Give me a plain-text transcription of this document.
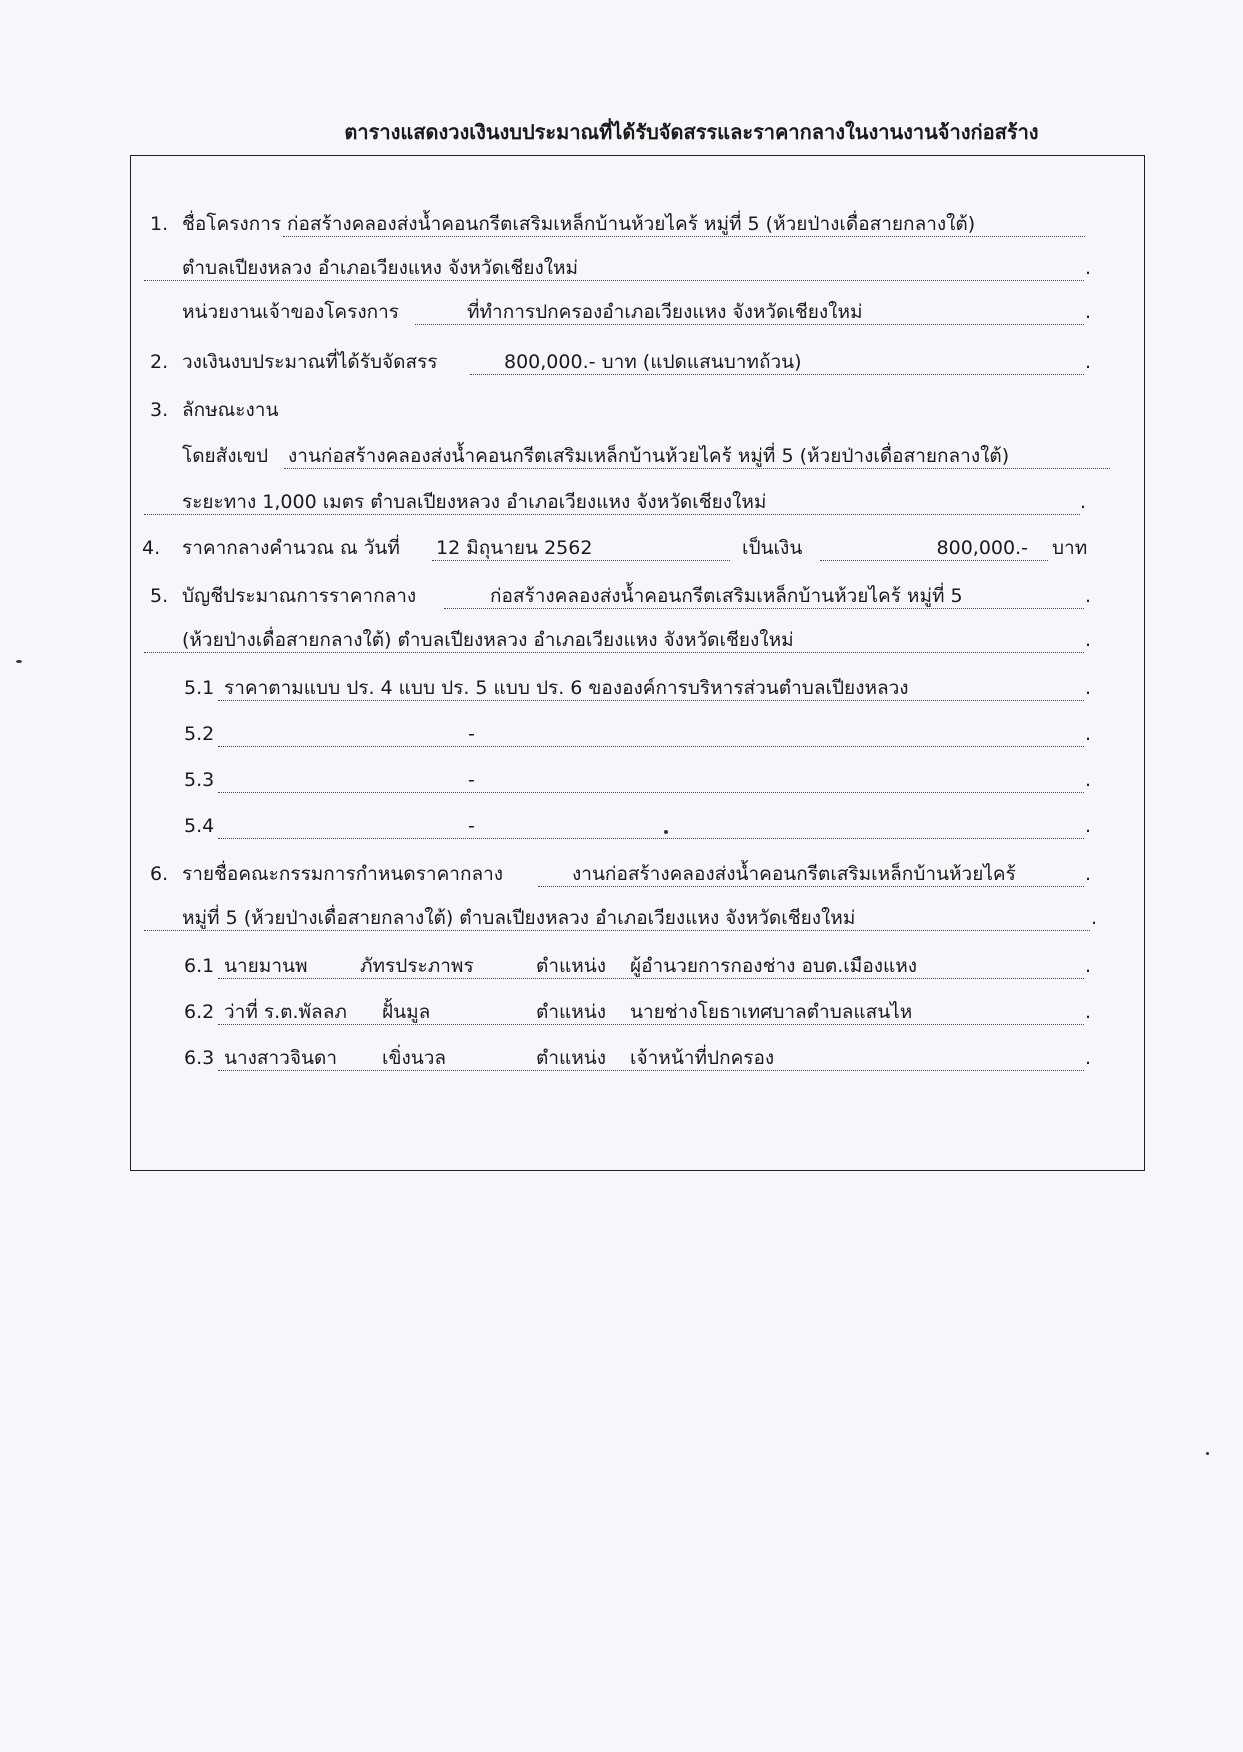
ตารางแสดงวงเงินงบประมาณที่ได้รับจัดสรรและราคากลางในงานงานจ้างก่อสร้าง
1. ชื่อโครงการ ก่อสร้างคลองส่งน้ำคอนกรีตเสริมเหล็กบ้านห้วยไคร้ หมู่ที่ 5 (ห้วยป่างเดื่อสายกลางใต้)
ตำบลเปียงหลวง อำเภอเวียงแหง จังหวัดเชียงใหม่	.
หน่วยงานเจ้าของโครงการ	ที่ทำการปกครองอำเภอเวียงแหง จังหวัดเชียงใหม่	.
2. วงเงินงบประมาณที่ได้รับจัดสรร	800,000.- บาท (แปดแสนบาทถ้วน)	.
3. ลักษณะงาน
โดยสังเขป งานก่อสร้างคลองส่งน้ำคอนกรีตเสริมเหล็กบ้านห้วยไคร้ หมู่ที่ 5 (ห้วยป่างเดื่อสายกลางใต้)
ระยะทาง 1,000 เมตร ตำบลเปียงหลวง อำเภอเวียงแหง จังหวัดเชียงใหม่	.
4. ราคากลางคำนวณ ณ วันที่ 12 มิถุนายน 2562	เป็นเงิน	800,000.-	บาท
5. บัญชีประมาณการราคากลาง	ก่อสร้างคลองส่งน้ำคอนกรีตเสริมเหล็กบ้านห้วยไคร้ หมู่ที่ 5	.
(ห้วยป่างเดื่อสายกลางใต้) ตำบลเปียงหลวง อำเภอเวียงแหง จังหวัดเชียงใหม่	.
5.1 ราคาตามแบบ ปร. 4 แบบ ปร. 5 แบบ ปร. 6 ขององค์การบริหารส่วนตำบลเปียงหลวง	.
5.2	-	.
5.3	-	.
5.4	-	.
6. รายชื่อคณะกรรมการกำหนดราคากลาง	งานก่อสร้างคลองส่งน้ำคอนกรีตเสริมเหล็กบ้านห้วยไคร้	.
หมู่ที่ 5 (ห้วยป่างเดื่อสายกลางใต้) ตำบลเปียงหลวง อำเภอเวียงแหง จังหวัดเชียงใหม่	.
6.1 นายมานพ	ภัทรประภาพร	ตำแหน่ง ผู้อำนวยการกองช่าง อบต.เมืองแหง	.
6.2 ว่าที่ ร.ต.พัลลภ ฝั้นมูล	ตำแหน่ง นายช่างโยธาเทศบาลตำบลแสนไห	.
6.3 นางสาวจินดา เขิ่งนวล	ตำแหน่ง เจ้าหน้าที่ปกครอง	.
